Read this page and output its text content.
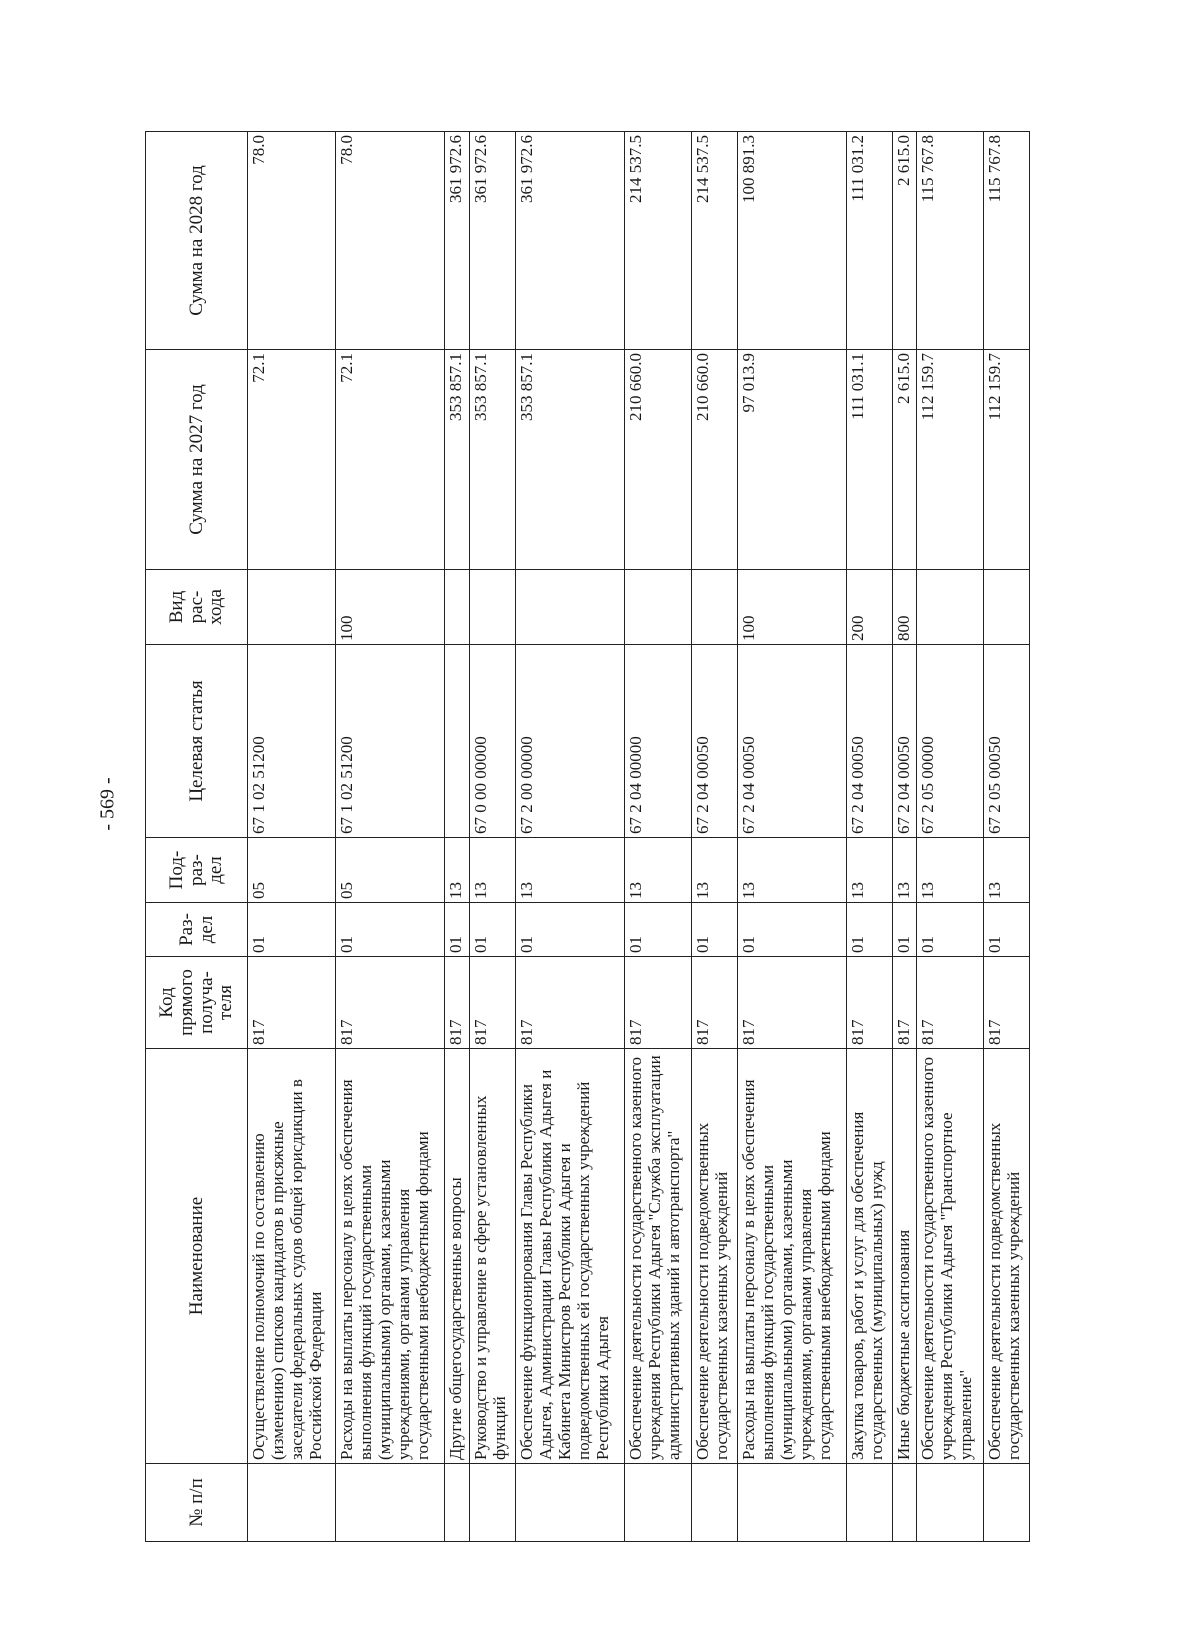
- 569 -
№ п/п	Наименование	Код прямого получа-теля	Раз-дел	Под-раз-дел	Целевая статья	Вид рас-хода	Сумма на 2027 год	Сумма на 2028 год
	Осуществление полномочий по составлению (изменению) списков кандидатов в присяжные заседатели федеральных судов общей юрисдикции в Российской Федерации	817	01	05	67 1 02 51200		72.1	78.0
	Расходы на выплаты персоналу в целях обеспечения выполнения функций государственными (муниципальными) органами, казенными учреждениями, органами управления государственными внебюджетными фондами	817	01	05	67 1 02 51200	100	72.1	78.0
	Другие общегосударственные вопросы	817	01	13			353 857.1	361 972.6
	Руководство и управление в сфере установленных функций	817	01	13	67 0 00 00000		353 857.1	361 972.6
	Обеспечение функционирования Главы Республики Адыгея, Администрации Главы Республики Адыгея и Кабинета Министров Республики Адыгея и подведомственных ей государственных учреждений Республики Адыгея	817	01	13	67 2 00 00000		353 857.1	361 972.6
	Обеспечение деятельности государственного казенного учреждения Республики Адыгея "Служба эксплуатации административных зданий и автотранспорта"	817	01	13	67 2 04 00000		210 660.0	214 537.5
	Обеспечение деятельности подведомственных государственных казенных учреждений	817	01	13	67 2 04 00050		210 660.0	214 537.5
	Расходы на выплаты персоналу в целях обеспечения выполнения функций государственными (муниципальными) органами, казенными учреждениями, органами управления государственными внебюджетными фондами	817	01	13	67 2 04 00050	100	97 013.9	100 891.3
	Закупка товаров, работ и услуг для обеспечения государственных (муниципальных) нужд	817	01	13	67 2 04 00050	200	111 031.1	111 031.2
	Иные бюджетные ассигнования	817	01	13	67 2 04 00050	800	2 615.0	2 615.0
	Обеспечение деятельности государственного казенного учреждения Республики Адыгея "Транспортное управление"	817	01	13	67 2 05 00000		112 159.7	115 767.8
	Обеспечение деятельности подведомственных государственных казенных учреждений	817	01	13	67 2 05 00050		112 159.7	115 767.8
